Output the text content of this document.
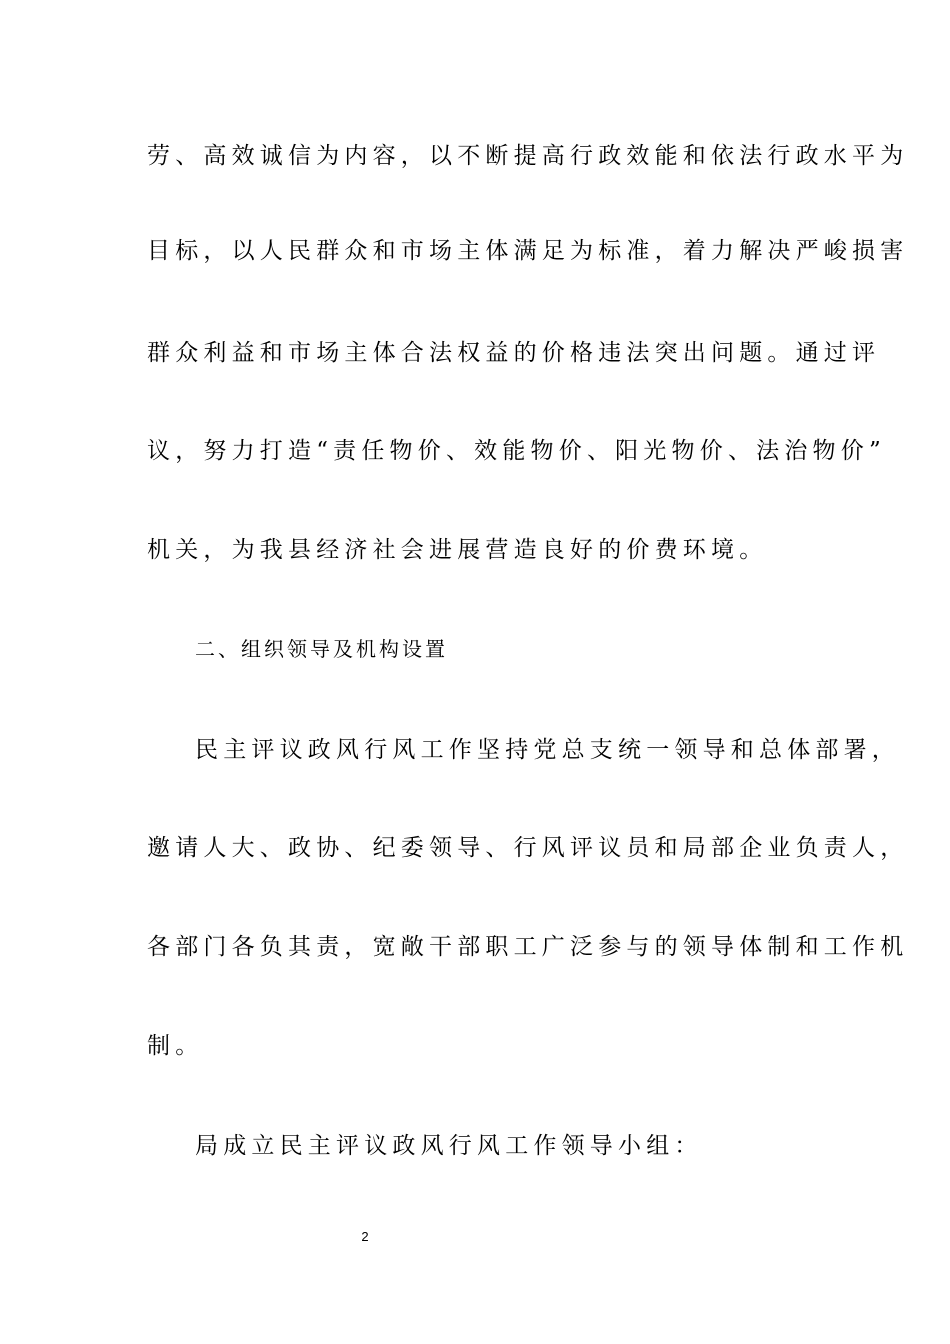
劳、高效诚信为内容，以不断提高行政效能和依法行政水平为

目标，以人民群众和市场主体满足为标准，着力解决严峻损害

群众利益和市场主体合法权益的价格违法突出问题。通过评

议，努力打造“责任物价、效能物价、阳光物价、法治物价”

机关，为我县经济社会进展营造良好的价费环境。

二、组织领导及机构设置

民主评议政风行风工作坚持党总支统一领导和总体部署，

邀请人大、政协、纪委领导、行风评议员和局部企业负责人，

各部门各负其责，宽敞干部职工广泛参与的领导体制和工作机

制。

局成立民主评议政风行风工作领导小组：

2
